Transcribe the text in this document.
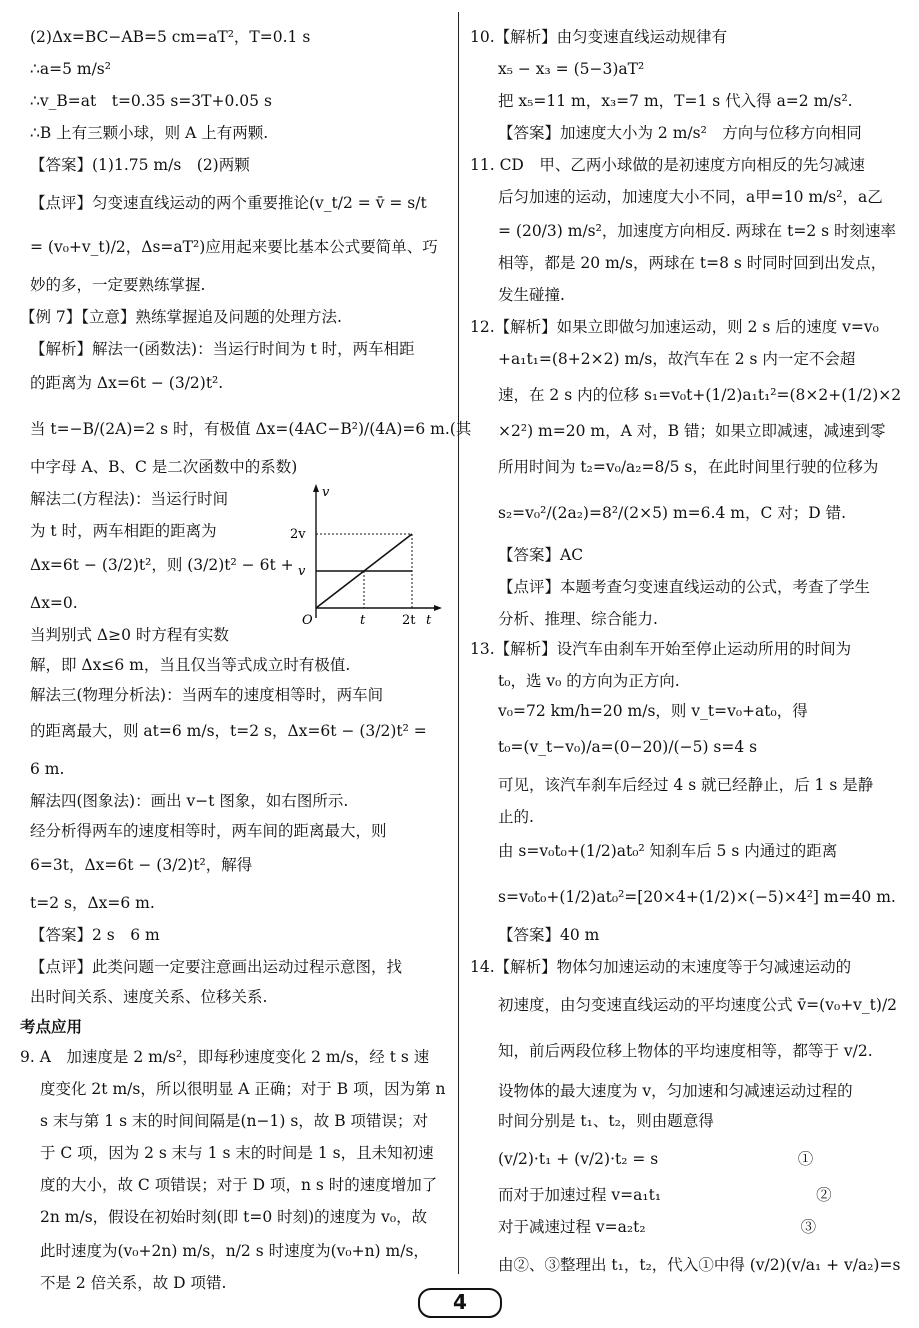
(2)Δx=BC−AB=5 cm=aT²，T=0.1 s
∴a=5 m/s²
∴v_B=at　t=0.35 s=3T+0.05 s
∴B 上有三颗小球，则 A 上有两颗.
【答案】(1)1.75 m/s　(2)两颗
【点评】匀变速直线运动的两个重要推论(v_t/2 = v̄ = s/t
= (v₀+v_t)/2，Δs=aT²)应用起来要比基本公式要简单、巧
妙的多，一定要熟练掌握.
【例 7】【立意】熟练掌握追及问题的处理方法.
【解析】解法一(函数法)：当运行时间为 t 时，两车相距
的距离为 Δx=6t − (3/2)t².
当 t=−B/(2A)=2 s 时，有极值 Δx=(4AC−B²)/(4A)=6 m.(其
中字母 A、B、C 是二次函数中的系数)
解法二(方程法)：当运行时间
为 t 时，两车相距的距离为
Δx=6t − (3/2)t²，则 (3/2)t² − 6t +
Δx=0.
当判别式 Δ≥0 时方程有实数
解，即 Δx≤6 m，当且仅当等式成立时有极值.
解法三(物理分析法)：当两车的速度相等时，两车间
的距离最大，则 at=6 m/s，t=2 s，Δx=6t − (3/2)t² =
6 m.
解法四(图象法)：画出 v−t 图象，如右图所示.
经分析得两车的速度相等时，两车间的距离最大，则
6=3t，Δx=6t − (3/2)t²，解得
t=2 s，Δx=6 m.
【答案】2 s　6 m
【点评】此类问题一定要注意画出运动过程示意图，找
出时间关系、速度关系、位移关系.
考点应用
9. A　加速度是 2 m/s²，即每秒速度变化 2 m/s，经 t s 速
度变化 2t m/s，所以很明显 A 正确；对于 B 项，因为第 n
s 末与第 1 s 末的时间间隔是(n−1) s，故 B 项错误；对
于 C 项，因为 2 s 末与 1 s 末的时间是 1 s，且未知初速
度的大小，故 C 项错误；对于 D 项，n s 时的速度增加了
2n m/s，假设在初始时刻(即 t=0 时刻)的速度为 v₀，故
此时速度为(v₀+2n) m/s，n/2 s 时速度为(v₀+n) m/s，
不是 2 倍关系，故 D 项错.
10.【解析】由匀变速直线运动规律有
x₅ − x₃ = (5−3)aT²
把 x₅=11 m，x₃=7 m，T=1 s 代入得 a=2 m/s².
【答案】加速度大小为 2 m/s²　方向与位移方向相同
11. CD　甲、乙两小球做的是初速度方向相反的先匀减速
后匀加速的运动，加速度大小不同，a甲=10 m/s²，a乙
= (20/3) m/s²，加速度方向相反. 两球在 t=2 s 时刻速率
相等，都是 20 m/s，两球在 t=8 s 时同时回到出发点，
发生碰撞.
12.【解析】如果立即做匀加速运动，则 2 s 后的速度 v=v₀
+a₁t₁=(8+2×2) m/s，故汽车在 2 s 内一定不会超
速，在 2 s 内的位移 s₁=v₀t+(1/2)a₁t₁²=(8×2+(1/2)×2
×2²) m=20 m，A 对，B 错；如果立即减速，减速到零
所用时间为 t₂=v₀/a₂=8/5 s，在此时间里行驶的位移为
s₂=v₀²/(2a₂)=8²/(2×5) m=6.4 m，C 对；D 错.
【答案】AC
【点评】本题考查匀变速直线运动的公式，考查了学生
分析、推理、综合能力.
13.【解析】设汽车由刹车开始至停止运动所用的时间为
t₀，选 v₀ 的方向为正方向.
v₀=72 km/h=20 m/s，则 v_t=v₀+at₀，得
t₀=(v_t−v₀)/a=(0−20)/(−5) s=4 s
可见，该汽车刹车后经过 4 s 就已经静止，后 1 s 是静
止的.
由 s=v₀t₀+(1/2)at₀² 知刹车后 5 s 内通过的距离
s=v₀t₀+(1/2)at₀²=[20×4+(1/2)×(−5)×4²] m=40 m.
【答案】40 m
14.【解析】物体匀加速运动的末速度等于匀减速运动的
初速度，由匀变速直线运动的平均速度公式 v̄=(v₀+v_t)/2
知，前后两段位移上物体的平均速度相等，都等于 v/2.
设物体的最大速度为 v，匀加速和匀减速运动过程的
时间分别是 t₁、t₂，则由题意得
(v/2)·t₁ + (v/2)·t₂ = s　　　　　　　　　①
而对于加速过程 v=a₁t₁　　　　　　　　　　②
对于减速过程 v=a₂t₂　　　　　　　　　　③
由②、③整理出 t₁，t₂，代入①中得 (v/2)(v/a₁ + v/a₂)=s
v
t
O
2v
v
t	2t
4
